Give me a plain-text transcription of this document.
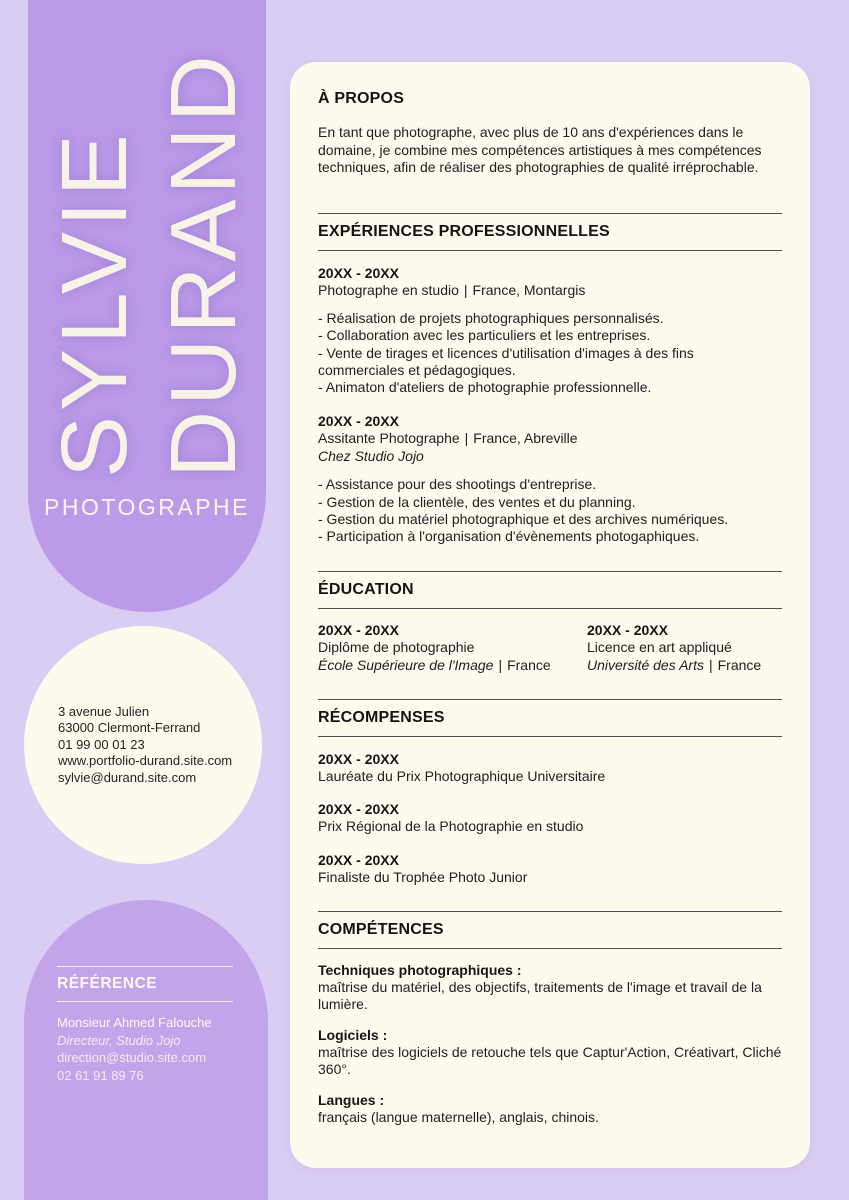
SYLVIE DURAND
PHOTOGRAPHE
3 avenue Julien
63000 Clermont-Ferrand
01 99 00 01 23
www.portfolio-durand.site.com
sylvie@durand.site.com
RÉFÉRENCE
Monsieur Ahmed Falouche
Directeur, Studio Jojo
direction@studio.site.com
02 61 91 89 76
À PROPOS
En tant que photographe, avec plus de 10 ans d'expériences dans le domaine, je combine mes compétences artistiques à mes compétences techniques, afin de réaliser des photographies de qualité irréprochable.
EXPÉRIENCES PROFESSIONNELLES
20XX - 20XX
Photographe en studio | France, Montargis
- Réalisation de projets photographiques personnalisés.
- Collaboration avec les particuliers et les entreprises.
- Vente de tirages et licences d'utilisation d'images à des fins commerciales et pédagogiques.
- Animaton d'ateliers de photographie professionnelle.
20XX - 20XX
Assitante Photographe | France, Abreville
Chez Studio Jojo
- Assistance pour des shootings d'entreprise.
- Gestion de la clientèle, des ventes et du planning.
- Gestion du matériel photographique et des archives numériques.
- Participation à l'organisation d'évènements photogaphiques.
ÉDUCATION
20XX - 20XX
Diplôme de photographie
École Supérieure de l'Image | France
20XX - 20XX
Licence en art appliqué
Université des Arts | France
RÉCOMPENSES
20XX - 20XX
Lauréate du Prix Photographique Universitaire
20XX - 20XX
Prix Régional de la Photographie en studio
20XX - 20XX
Finaliste du Trophée Photo Junior
COMPÉTENCES
Techniques photographiques :
maîtrise du matériel, des objectifs, traitements de l'image et travail de la lumière.
Logiciels :
maîtrise des logiciels de retouche tels que Captur'Action, Créativart, Cliché 360°.
Langues :
français (langue maternelle), anglais, chinois.
